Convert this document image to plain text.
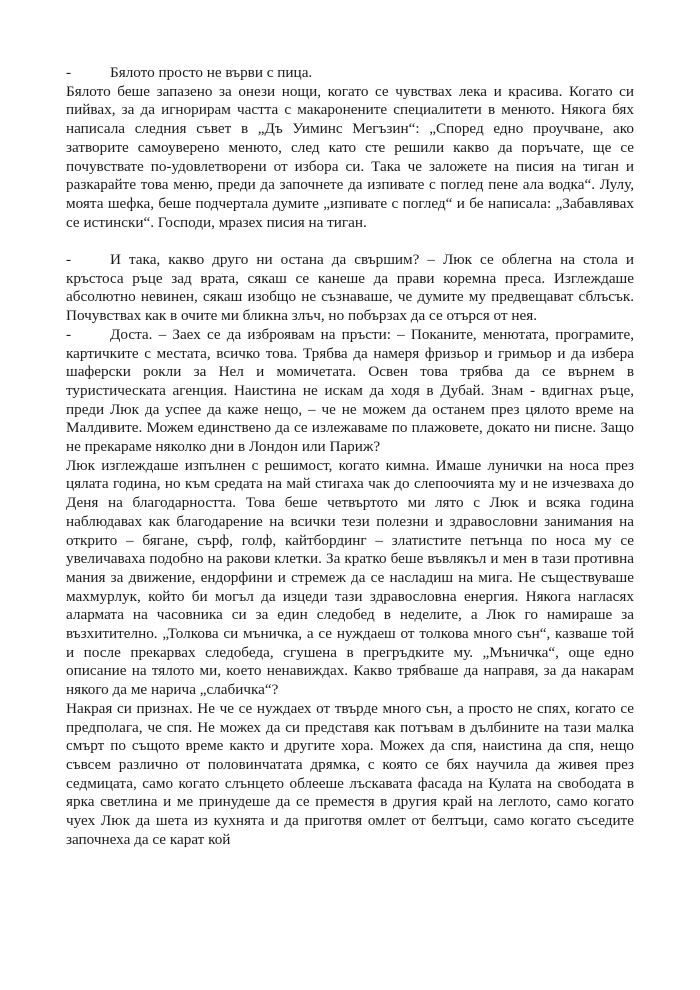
-	Бялото просто не върви с пица.

Бялото беше запазено за онези нощи, когато се чувствах лека и красива. Когато си пийвах, за да игнорирам частта с макаронените специалитети в менюто. Някога бях написала следния съвет в „Дъ Уиминс Мегъзин“: „Според едно проучване, ако затворите самоуверено менюто, след като сте решили какво да поръчате, ще се почувствате по-удовлетворени от избора си. Така че заложете на писия на тиган и разкарайте това меню, преди да започнете да изпивате с поглед пене ала водка“. Лулу, моята шефка, беше подчертала думите „изпивате с поглед“ и бе написала: „Забавлявах се истински“. Господи, мразех писия на тиган.

-	И така, какво друго ни остана да свършим? – Люк се облегна на стола и кръстоса ръце зад врата, сякаш се канеше да прави коремна преса. Изглеждаше абсолютно невинен, сякаш изобщо не съзнаваше, че думите му предвещават сблъсък. Почувствах как в очите ми бликна злъч, но побързах да се отърся от нея.

-	Доста. – Заех се да изброявам на пръсти: – Поканите, менютата, програмите, картичките с местата, всичко това. Трябва да намеря фризьор и гримьор и да избера шаферски рокли за Нел и момичетата. Освен това трябва да се върнем в туристическата агенция. Наистина не искам да ходя в Дубай. Знам - вдигнах ръце, преди Люк да успее да каже нещо, – че не можем да останем през цялото време на Малдивите. Можем единствено да се излежаваме по плажовете, докато ни писне. Защо не прекараме няколко дни в Лондон или Париж?

Люк изглеждаше изпълнен с решимост, когато кимна. Имаше лунички на носа през цялата година, но към средата на май стигаха чак до слепоочията му и не изчезваха до Деня на благодарността. Това беше четвъртото ми лято с Люк и всяка година наблюдавах как благодарение на всички тези полезни и здравословни занимания на открито – бягане, сърф, голф, кайтбординг – златистите петънца по носа му се увеличаваха подобно на ракови клетки. За кратко беше въвлякъл и мен в тази противна мания за движение, ендорфини и стремеж да се насладиш на мига. Не съществуваше махмурлук, който би могъл да изцеди тази здравословна енергия. Някога нагласях алармата на часовника си за един следобед в неделите, а Люк го намираше за възхитително. „Толкова си мъничка, а се нуждаеш от толкова много сън“, казваше той и после прекарвах следобеда, сгушена в прегръдките му. „Мъничка“, още едно описание на тялото ми, което ненавиждах. Какво трябваше да направя, за да накарам някого да ме нарича „слабичка“?

Накрая си признах. Не че се нуждаех от твърде много сън, а просто не спях, когато се предполага, че спя. Не можех да си представя как потъвам в дълбините на тази малка смърт по същото време както и другите хора. Можех да спя, наистина да спя, нещо съвсем различно от половинчатата дрямка, с която се бях научила да живея през седмицата, само когато слънцето облееше лъскавата фасада на Кулата на свободата в ярка светлина и ме принудеше да се преместя в другия край на леглото, само когато чуех Люк да шета из кухнята и да приготвя омлет от белтъци, само когато съседите започнеха да се карат кой
